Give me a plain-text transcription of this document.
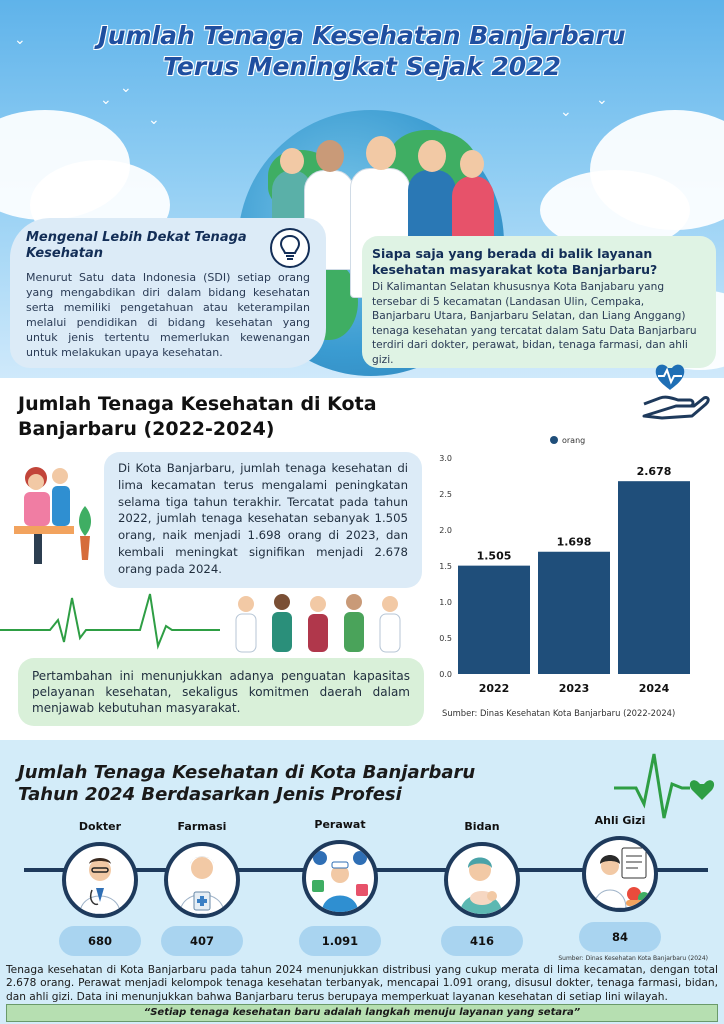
⌄
⌄
⌄
⌄	⌄
⌄
Jumlah Tenaga Kesehatan Banjarbaru
Terus Meningkat Sejak 2022
Mengenal Lebih Dekat Tenaga Kesehatan

Menurut Satu data Indonesia (SDI) setiap orang yang mengabdikan diri dalam bidang kesehatan serta memiliki pengetahuan atau keterampilan melalui pendidikan di bidang kesehatan yang untuk jenis tertentu memerlukan kewenangan untuk melakukan upaya kesehatan.

Siapa saja yang berada di balik layanan kesehatan masyarakat kota Banjarbaru?

Di Kalimantan Selatan khususnya Kota Banjabaru yang tersebar di 5 kecamatan (Landasan Ulin, Cempaka, Banjarbaru Utara, Banjarbaru Selatan, dan Liang Anggang) tenaga kesehatan yang tercatat dalam Satu Data Banjarbaru terdiri dari dokter, perawat, bidan, tenaga farmasi, dan ahli gizi.

Jumlah Tenaga Kesehatan di Kota
Banjarbaru (2022-2024)

Di Kota Banjarbaru, jumlah tenaga kesehatan di lima kecamatan terus mengalami peningkatan selama tiga tahun terakhir. Tercatat pada tahun 2022, jumlah tenaga kesehatan sebanyak 1.505 orang, naik menjadi 1.698 orang di 2023, dan kembali meningkat signifikan menjadi 2.678 orang pada 2024.

Pertambahan ini menunjukkan adanya penguatan kapasitas pelayanan kesehatan, sekaligus komitmen daerah dalam menjawab kebutuhan masyarakat.

orang
0.0
0.5
1.0
1.5
2.0
2.5
3.0
1.505
1.698
2.678
2022	2023	2024
Sumber: Dinas Kesehatan Kota Banjarbaru (2022-2024)
Jumlah Tenaga Kesehatan di Kota Banjarbaru
Tahun 2024 Berdasarkan Jenis Profesi
Dokter
680
Farmasi
407
Perawat
1.091
Bidan
416
Ahli Gizi
84
Sumber: Dinas Kesehatan Kota Banjarbaru (2024)
Tenaga kesehatan di Kota Banjarbaru pada tahun 2024 menunjukkan distribusi yang cukup merata di lima kecamatan, dengan total 2.678 orang. Perawat menjadi kelompok tenaga kesehatan terbanyak, mencapai 1.091 orang, disusul dokter, tenaga farmasi, bidan, dan ahli gizi. Data ini menunjukkan bahwa Banjarbaru terus berupaya memperkuat layanan kesehatan di setiap lini wilayah.
“Setiap tenaga kesehatan baru adalah langkah menuju layanan yang setara”
